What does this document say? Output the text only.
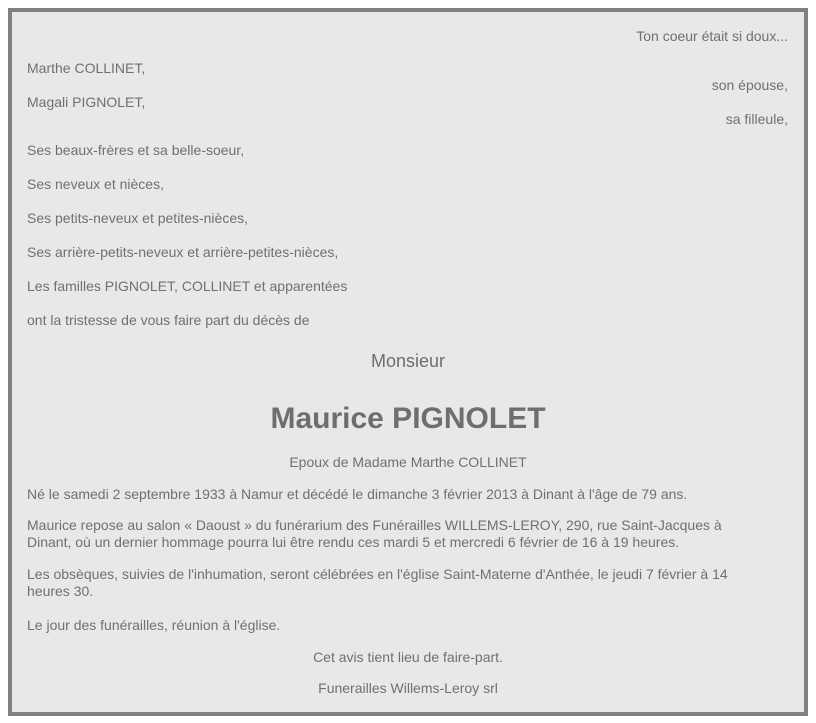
Ton coeur était si doux...
Marthe COLLINET,
son épouse,
Magali PIGNOLET,
sa filleule,
Ses beaux-frères et sa belle-soeur,
Ses neveux et nièces,
Ses petits-neveux et petites-nièces,
Ses arrière-petits-neveux et arrière-petites-nièces,
Les familles PIGNOLET, COLLINET et apparentées
ont la tristesse de vous faire part du décès de
Monsieur
Maurice PIGNOLET
Epoux de Madame Marthe COLLINET
Né le samedi 2 septembre 1933 à Namur et décédé le dimanche 3 février 2013 à Dinant à l'âge de 79 ans.
Maurice repose au salon « Daoust » du funérarium des Funérailles WILLEMS-LEROY, 290, rue Saint-Jacques à Dinant, où un dernier hommage pourra lui être rendu ces mardi 5 et mercredi 6 février de 16 à 19 heures.
Les obsèques, suivies de l'inhumation, seront célébrées en l'église Saint-Materne d'Anthée, le jeudi 7 février à 14 heures 30.
Le jour des funérailles, réunion à l'église.
Cet avis tient lieu de faire-part.
Funerailles Willems-Leroy srl
